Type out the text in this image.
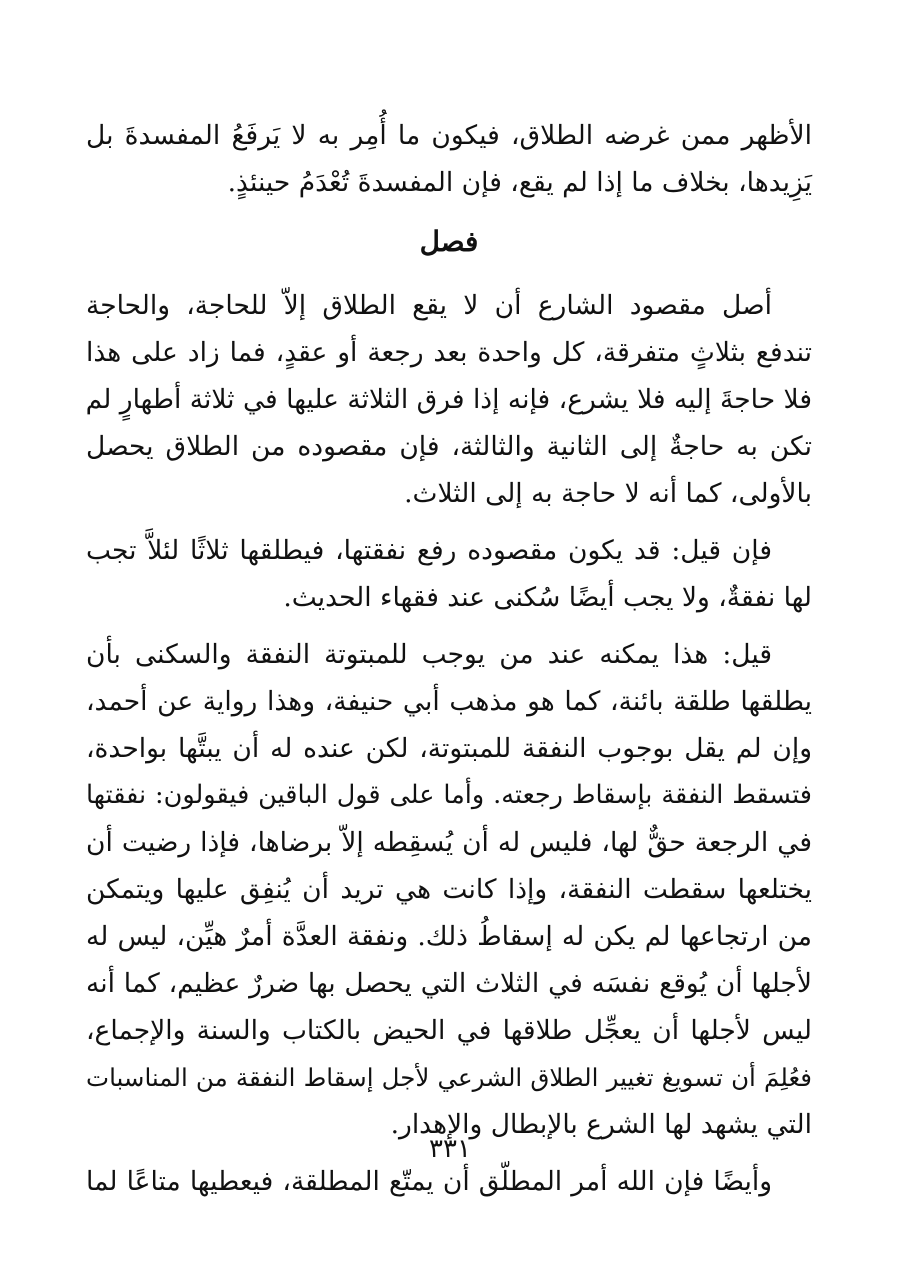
الأظهر ممن غرضه الطلاق، فيكون ما أُمِر به لا يَرفَعُ المفسدةَ بل
يَزِيدها، بخلاف ما إذا لم يقع، فإن المفسدةَ تُعْدَمُ حينئذٍ.

فصل

أصل مقصود الشارع أن لا يقع الطلاق إلاّ للحاجة، والحاجة
تندفع بثلاثٍ متفرقة، كل واحدة بعد رجعة أو عقدٍ، فما زاد على هذا
فلا حاجةَ إليه فلا يشرع، فإنه إذا فرق الثلاثة عليها في ثلاثة أطهارٍ لم
تكن به حاجةٌ إلى الثانية والثالثة، فإن مقصوده من الطلاق يحصل
بالأولى، كما أنه لا حاجة به إلى الثلاث.

فإن قيل: قد يكون مقصوده رفع نفقتها، فيطلقها ثلاثًا لئلاَّ تجب
لها نفقةٌ، ولا يجب أيضًا سُكنى عند فقهاء الحديث.

قيل: هذا يمكنه عند من يوجب للمبتوتة النفقة والسكنى بأن
يطلقها طلقة بائنة، كما هو مذهب أبي حنيفة، وهذا رواية عن أحمد،
وإن لم يقل بوجوب النفقة للمبتوتة، لكن عنده له أن يبتَّها بواحدة،
فتسقط النفقة بإسقاط رجعته. وأما على قول الباقين فيقولون: نفقتها
في الرجعة حقٌّ لها، فليس له أن يُسقِطه إلاّ برضاها، فإذا رضيت أن
يختلعها سقطت النفقة، وإذا كانت هي تريد أن يُنفِق عليها ويتمكن
من ارتجاعها لم يكن له إسقاطُ ذلك. ونفقة العدَّة أمرٌ هيِّن، ليس له
لأجلها أن يُوقع نفسَه في الثلاث التي يحصل بها ضررٌ عظيم، كما أنه
ليس لأجلها أن يعجِّل طلاقها في الحيض بالكتاب والسنة والإجماع،
فعُلِمَ أن تسويغ تغيير الطلاق الشرعي لأجل إسقاط النفقة من المناسبات
التي يشهد لها الشرع بالإبطال والإهدار.

وأيضًا فإن الله أمر المطلّق أن يمتّع المطلقة، فيعطيها متاعًا لما

٣٣١
